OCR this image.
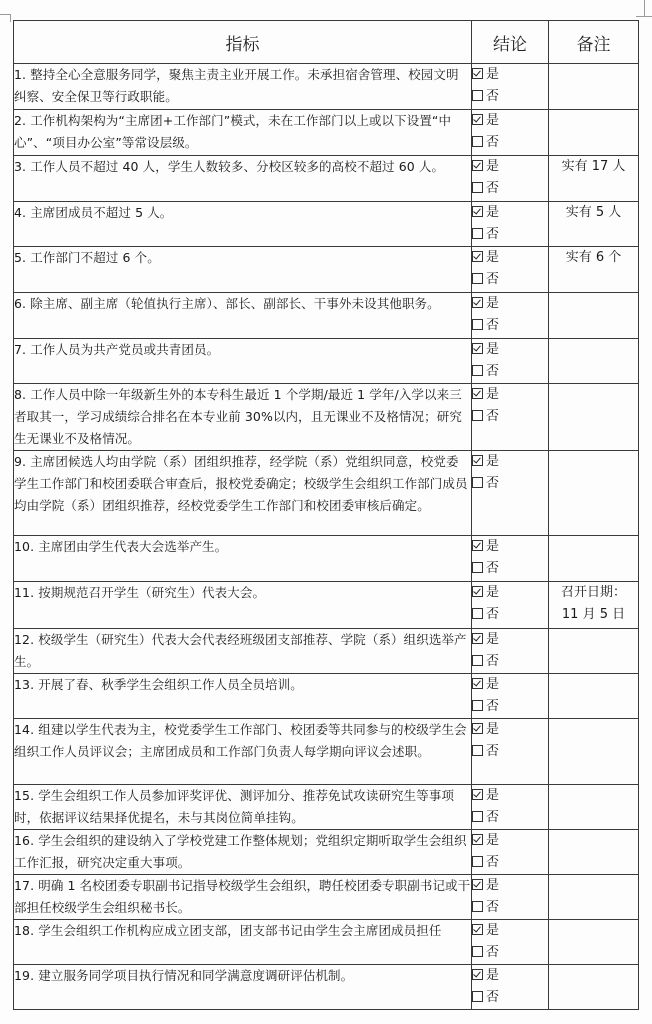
指标	结论	备注
1. 整持全心全意服务同学，聚焦主责主业开展工作。未承担宿舍管理、校园文明纠察、安全保卫等行政职能。	是
否	

2. 工作机构架构为“主席团+工作部门”模式，未在工作部门以上或以下设置“中心”、“项目办公室”等常设层级。	是
否	

3. 工作人员不超过 40 人，学生人数较多、分校区较多的高校不超过 60 人。	是
否	实有 17 人
4. 主席团成员不超过 5 人。	是
否	实有 5 人
5. 工作部门不超过 6 个。	是
否	实有 6 个
6. 除主席、副主席（轮值执行主席）、部长、副部长、干事外未设其他职务。	是
否	

7. 工作人员为共产党员或共青团员。	是
否	

8. 工作人员中除一年级新生外的本专科生最近 1 个学期/最近 1 学年/入学以来三者取其一，学习成绩综合排名在本专业前 30%以内，且无课业不及格情况；研究生无课业不及格情况。	是
否	

9. 主席团候选人均由学院（系）团组织推荐，经学院（系）党组织同意，校党委学生工作部门和校团委联合审查后，报校党委确定；校级学生会组织工作部门成员均由学院（系）团组织推荐，经校党委学生工作部门和校团委审核后确定。	是
否	

10. 主席团由学生代表大会选举产生。	是
否	

11. 按期规范召开学生（研究生）代表大会。	是
否	召开日期：
11 月 5 日

12. 校级学生（研究生）代表大会代表经班级团支部推荐、学院（系）组织选举产生。	是
否	

13. 开展了春、秋季学生会组织工作人员全员培训。	是
否	

14. 组建以学生代表为主，校党委学生工作部门、校团委等共同参与的校级学生会组织工作人员评议会；主席团成员和工作部门负责人每学期向评议会述职。	是
否	

15. 学生会组织工作人员参加评奖评优、测评加分、推荐免试攻读研究生等事项时，依据评议结果择优提名，未与其岗位简单挂钩。	是
否	

16. 学生会组织的建设纳入了学校党建工作整体规划；党组织定期听取学生会组织工作汇报，研究决定重大事项。	是
否	

17. 明确 1 名校团委专职副书记指导校级学生会组织，聘任校团委专职副书记或干部担任校级学生会组织秘书长。	是
否	

18. 学生会组织工作机构应成立团支部，团支部书记由学生会主席团成员担任	是
否	

19. 建立服务同学项目执行情况和同学满意度调研评估机制。	是
否	
